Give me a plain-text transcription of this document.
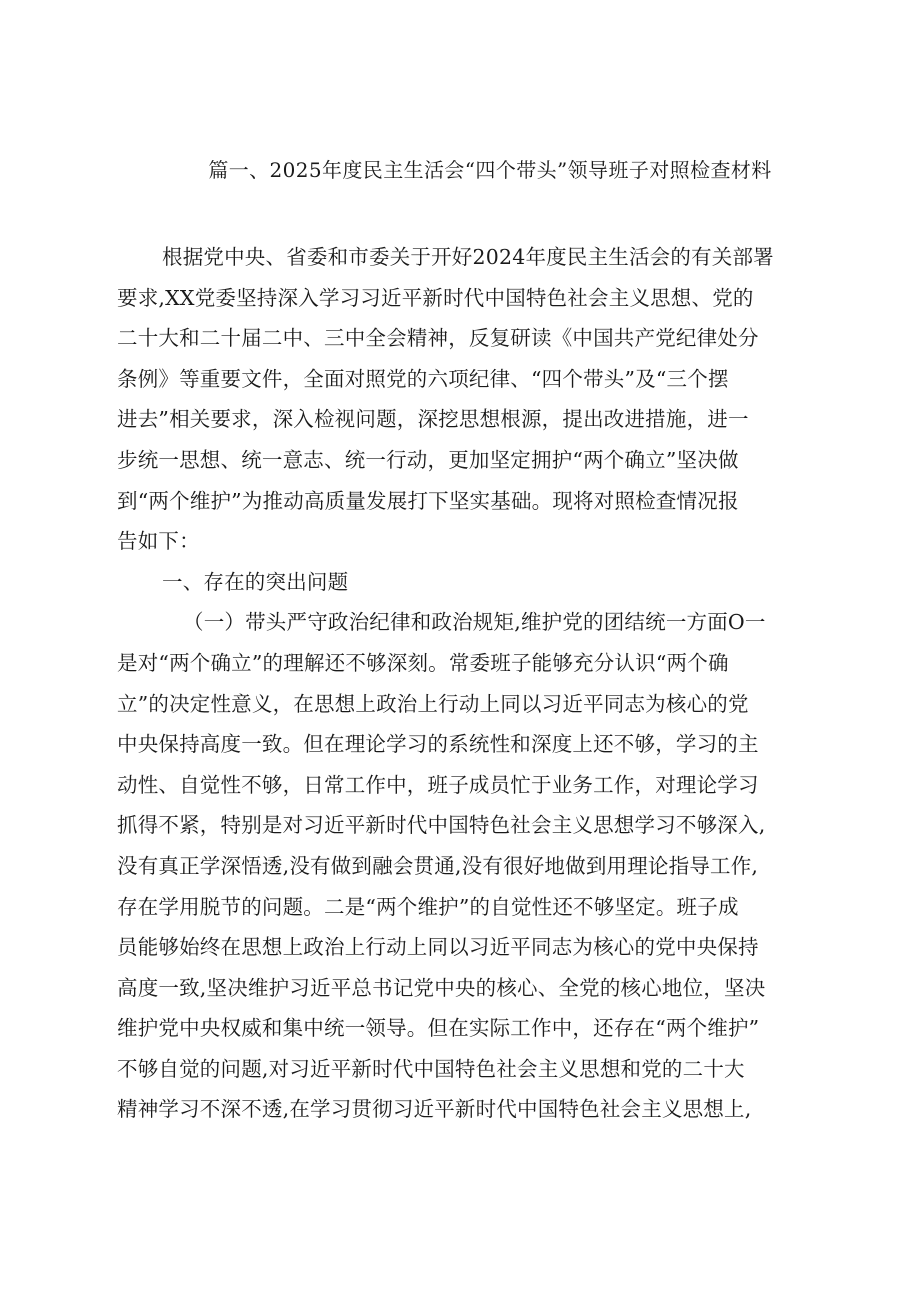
篇一、2025年度民主生活会“四个带头”领导班子对照检查材料
根据党中央、省委和市委关于开好2024年度民主生活会的有关部署
要求,XX党委坚持深入学习习近平新时代中国特色社会主义思想、党的
二十大和二十届二中、三中全会精神，反复研读《中国共产党纪律处分
条例》等重要文件，全面对照党的六项纪律、“四个带头”及“三个摆
进去”相关要求，深入检视问题，深挖思想根源，提出改进措施，进一
步统一思想、统一意志、统一行动，更加坚定拥护“两个确立”坚决做
到“两个维护”为推动高质量发展打下坚实基础。现将对照检查情况报
告如下：
一、存在的突出问题
（一）带头严守政治纪律和政治规矩,维护党的团结统一方面O一
是对“两个确立”的理解还不够深刻。常委班子能够充分认识“两个确
立”的决定性意义，在思想上政治上行动上同以习近平同志为核心的党
中央保持高度一致。但在理论学习的系统性和深度上还不够，学习的主
动性、自觉性不够，日常工作中，班子成员忙于业务工作，对理论学习
抓得不紧，特别是对习近平新时代中国特色社会主义思想学习不够深入,
没有真正学深悟透,没有做到融会贯通,没有很好地做到用理论指导工作,
存在学用脱节的问题。二是“两个维护”的自觉性还不够坚定。班子成
员能够始终在思想上政治上行动上同以习近平同志为核心的党中央保持
高度一致,坚决维护习近平总书记党中央的核心、全党的核心地位，坚决
维护党中央权威和集中统一领导。但在实际工作中，还存在“两个维护”
不够自觉的问题,对习近平新时代中国特色社会主义思想和党的二十大
精神学习不深不透,在学习贯彻习近平新时代中国特色社会主义思想上,
